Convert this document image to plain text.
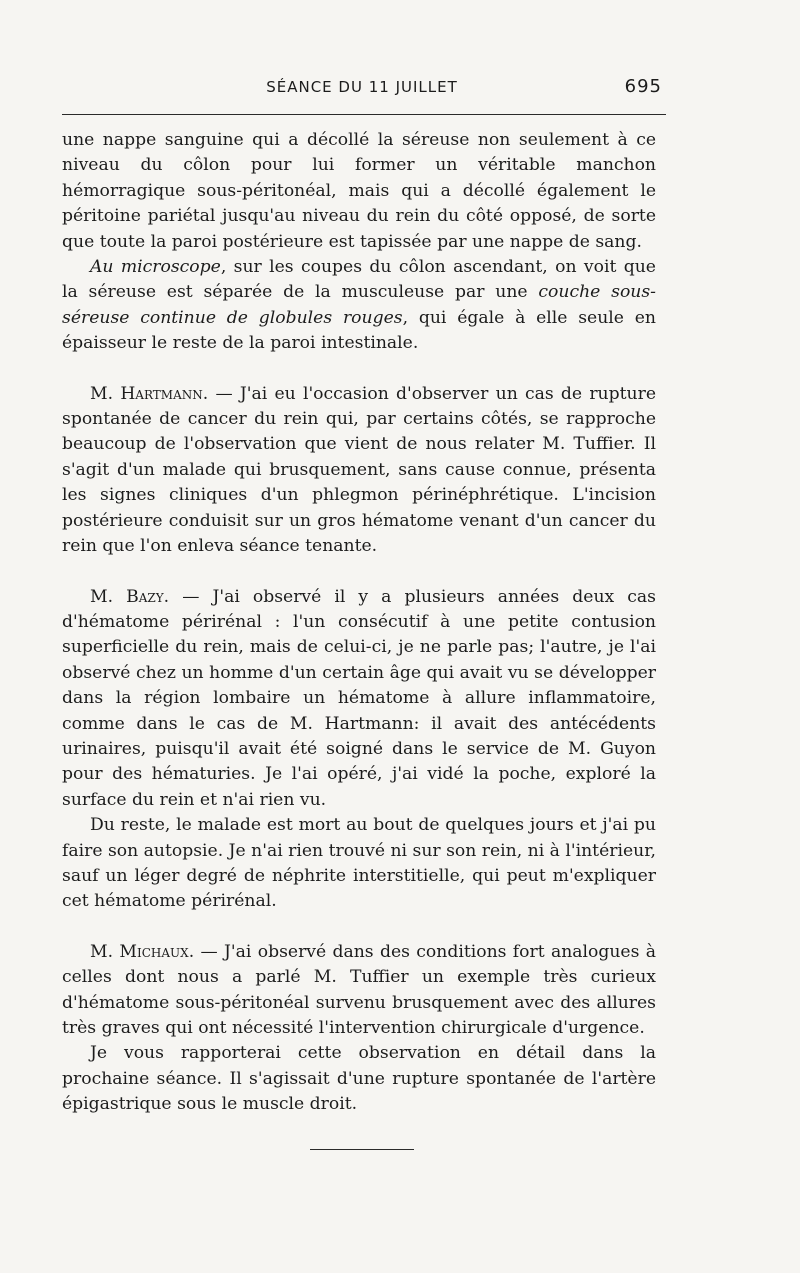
SÉANCE DU 11 JUILLET	695

une nappe sanguine qui a décollé la séreuse non seulement à ce niveau du côlon pour lui former un véritable manchon hémorragique sous-péritonéal, mais qui a décollé également le péritoine pariétal jusqu'au niveau du rein du côté opposé, de sorte que toute la paroi postérieure est tapissée par une nappe de sang.

Au microscope, sur les coupes du côlon ascendant, on voit que la séreuse est séparée de la musculeuse par une couche sous-séreuse continue de globules rouges, qui égale à elle seule en épaisseur le reste de la paroi intestinale.

M. Hartmann. — J'ai eu l'occasion d'observer un cas de rupture spontanée de cancer du rein qui, par certains côtés, se rapproche beaucoup de l'observation que vient de nous relater M. Tuffier. Il s'agit d'un malade qui brusquement, sans cause connue, présenta les signes cliniques d'un phlegmon périnéphrétique. L'incision postérieure conduisit sur un gros hématome venant d'un cancer du rein que l'on enleva séance tenante.

M. Bazy. — J'ai observé il y a plusieurs années deux cas d'hématome périrénal : l'un consécutif à une petite contusion superficielle du rein, mais de celui-ci, je ne parle pas; l'autre, je l'ai observé chez un homme d'un certain âge qui avait vu se développer dans la région lombaire un hématome à allure inflammatoire, comme dans le cas de M. Hartmann: il avait des antécédents urinaires, puisqu'il avait été soigné dans le service de M. Guyon pour des hématuries. Je l'ai opéré, j'ai vidé la poche, exploré la surface du rein et n'ai rien vu.

Du reste, le malade est mort au bout de quelques jours et j'ai pu faire son autopsie. Je n'ai rien trouvé ni sur son rein, ni à l'intérieur, sauf un léger degré de néphrite interstitielle, qui peut m'expliquer cet hématome périrénal.

M. Michaux. — J'ai observé dans des conditions fort analogues à celles dont nous a parlé M. Tuffier un exemple très curieux d'hématome sous-péritonéal survenu brusquement avec des allures très graves qui ont nécessité l'intervention chirurgicale d'urgence.

Je vous rapporterai cette observation en détail dans la prochaine séance. Il s'agissait d'une rupture spontanée de l'artère épigastrique sous le muscle droit.
